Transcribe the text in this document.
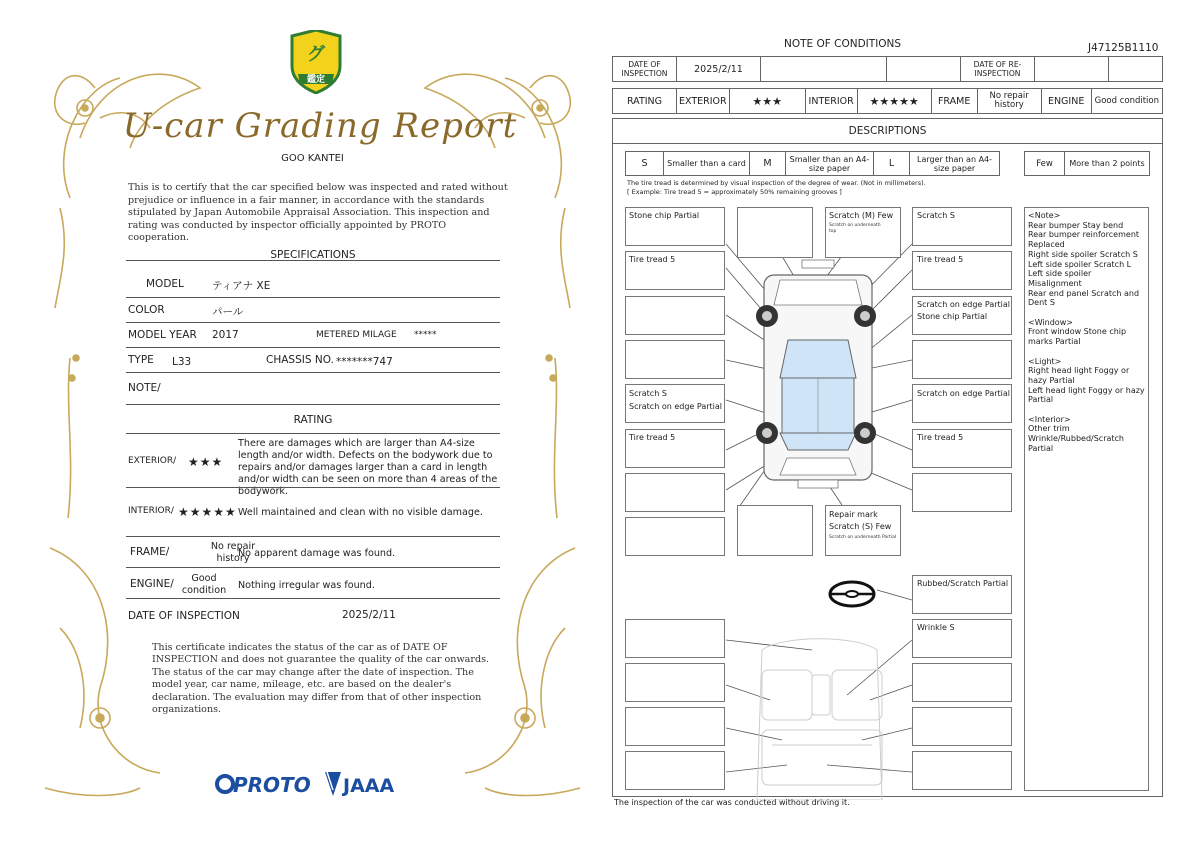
グ
鑑定
U-car Grading Report
GOO KANTEI
This is to certify that the car specified below was inspected and rated without prejudice or influence in a fair manner, in accordance with the standards stipulated by Japan Automobile Appraisal Association. This inspection and rating was conducted by inspector officially appointed by PROTO cooperation.
SPECIFICATIONS
MODEL	ティアナ XE
COLOR	パール
MODEL YEAR 2017	METERED MILAGE *****
TYPE L33	CHASSIS NO. *******747
NOTE/
RATING
EXTERIOR/ ★★★
There are damages which are larger than A4-size length and/or width. Defects on the bodywork due to repairs and/or damages larger than a card in length and/or width can be seen on more than 4 areas of the bodywork.
INTERIOR/ ★★★★★ Well maintained and clean with no visible damage.
FRAME/	No repair history
No apparent damage was found.
ENGINE/	Good condition	Nothing irregular was found.
DATE OF INSPECTION	2025/2/11
This certificate indicates the status of the car as of DATE OF INSPECTION and does not guarantee the quality of the car onwards. The status of the car may change after the date of inspection. The model year, car name, mileage, etc. are based on the dealer's declaration. The evaluation may differ from that of other inspection organizations.
PROTO JAAA
NOTE OF CONDITIONS	J47125B1110
DATE OF INSPECTION	2025/2/11			DATE OF RE-INSPECTION		
RATING	EXTERIOR	★★★	INTERIOR	★★★★★	FRAME	No repair history	ENGINE	Good condition
DESCRIPTIONS
S	Smaller than a card	M	Smaller than an A4-size paper	L	Larger than an A4-size paper	Few	More than 2 points
The tire tread is determined by visual inspection of the degree of wear. (Not in millimeters).
[ Example: Tire tread 5 = approximately 50% remaining grooves ]
Stone chip Partial
Tire tread 5
Scratch S
Scratch on edge Partial
Tire tread 5
Scratch (M) Few
Scratch on underneath top
Repair mark
Scratch (S) Few
Scratch on underneath Partial
Scratch S
Tire tread 5
Scratch on edge Partial
Stone chip Partial
Scratch on edge Partial
Tire tread 5
Rubbed/Scratch Partial
Wrinkle S
<Note>
Rear bumper Stay bend
Rear bumper reinforcement Replaced
Right side spoiler Scratch S
Left side spoiler Scratch L
Left side spoiler Misalignment
Rear end panel Scratch and Dent S
<Window>
Front window Stone chip marks Partial
<Light>
Right head light Foggy or hazy Partial
Left head light Foggy or hazy Partial
<Interior>
Other trim
Wrinkle/Rubbed/Scratch Partial
The inspection of the car was conducted without driving it.
